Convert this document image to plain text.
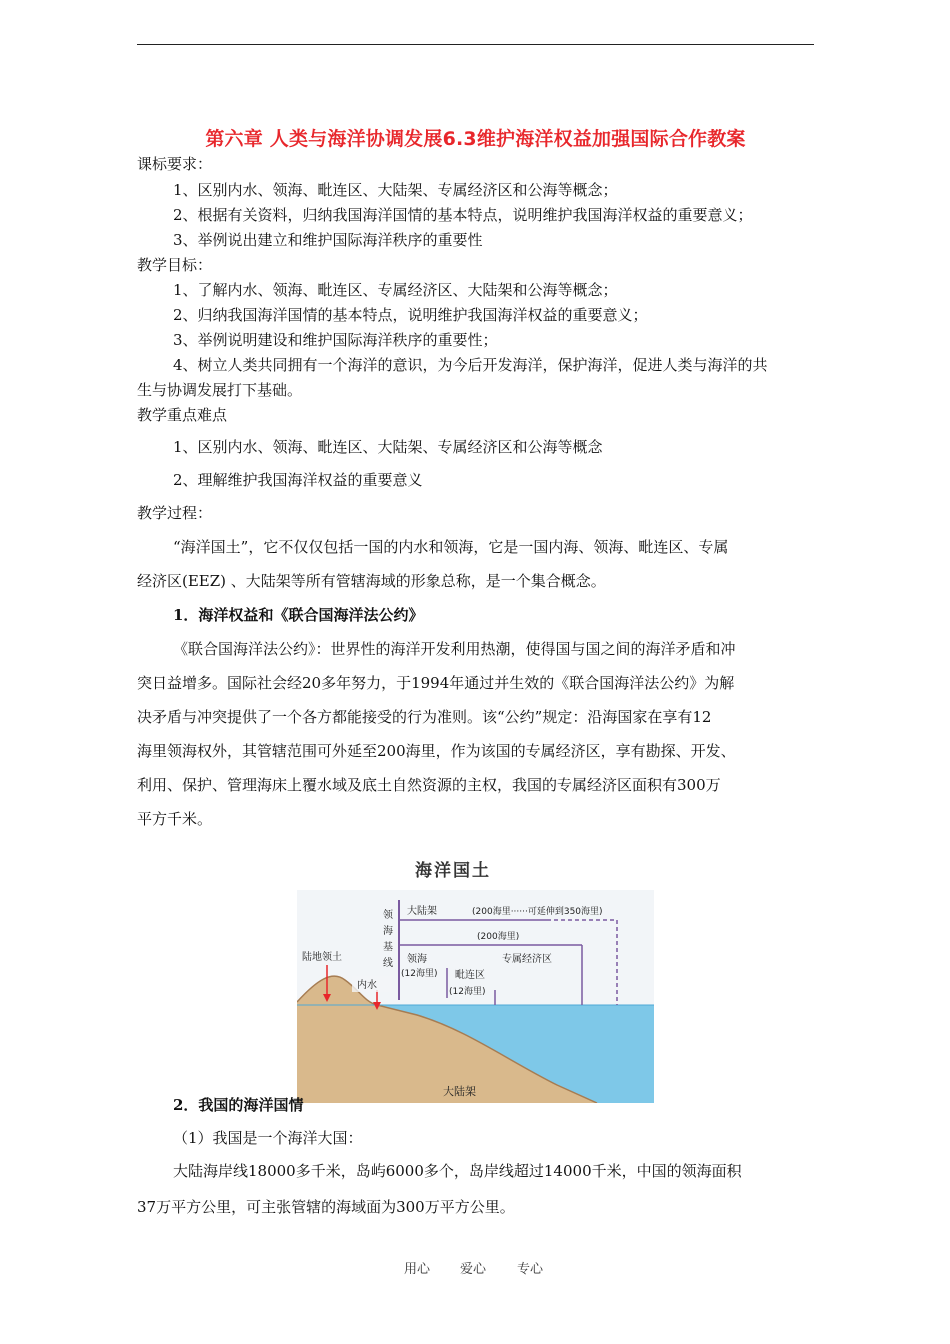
第六章 人类与海洋协调发展6.3维护海洋权益加强国际合作教案
课标要求：
1、区别内水、领海、毗连区、大陆架、专属经济区和公海等概念；
2、根据有关资料，归纳我国海洋国情的基本特点，说明维护我国海洋权益的重要意义；
3、举例说出建立和维护国际海洋秩序的重要性
教学目标：
1、了解内水、领海、毗连区、专属经济区、大陆架和公海等概念；
2、归纳我国海洋国情的基本特点，说明维护我国海洋权益的重要意义；
3、举例说明建设和维护国际海洋秩序的重要性；
4、树立人类共同拥有一个海洋的意识，为今后开发海洋，保护海洋，促进人类与海洋的共
生与协调发展打下基础。
教学重点难点
1、区别内水、领海、毗连区、大陆架、专属经济区和公海等概念
2、理解维护我国海洋权益的重要意义
教学过程：
“海洋国土”，它不仅仅包括一国的内水和领海，它是一国内海、领海、毗连区、专属
经济区(EEZ) 、大陆架等所有管辖海域的形象总称，是一个集合概念。
1．海洋权益和《联合国海洋法公约》
《联合国海洋法公约》：世界性的海洋开发利用热潮，使得国与国之间的海洋矛盾和冲
突日益增多。国际社会经20多年努力，于1994年通过并生效的《联合国海洋法公约》为解
决矛盾与冲突提供了一个各方都能接受的行为准则。该“公约”规定：沿海国家在享有12
海里领海权外，其管辖范围可外延至200海里，作为该国的专属经济区，享有勘探、开发、
利用、保护、管理海床上覆水域及底土自然资源的主权，我国的专属经济区面积有300万
平方千米。
海洋国土
陆地领土
内水
领
海
基
线
大陆架	(200海里······可延伸到350海里)
(200海里)
领海
(12海里)
专属经济区
毗连区
(12海里)
大陆架
2．我国的海洋国情
（1）我国是一个海洋大国：
大陆海岸线18000多千米，岛屿6000多个，岛岸线超过14000千米，中国的领海面积
37万平方公里，可主张管辖的海域面为300万平方公里。
用心 爱心 专心
